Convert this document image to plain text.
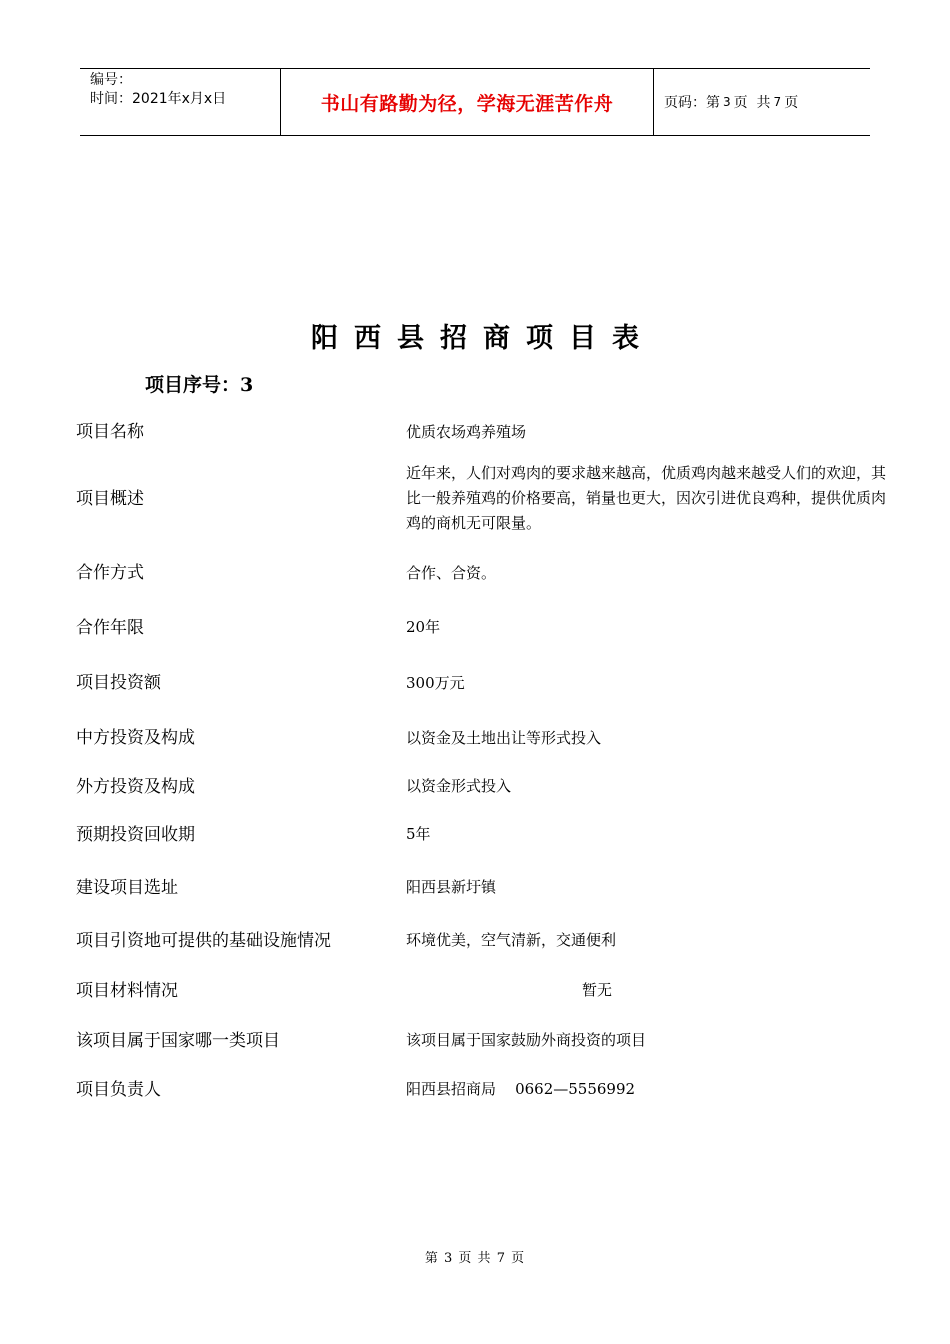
编号：
时间：2021年x月x日	书山有路勤为径，学海无涯苦作舟	页码：第 3 页  共 7 页
阳西县招商项目表
项目序号：3
项目名称	优质农场鸡养殖场
项目概述
近年来，人们对鸡肉的要求越来越高，优质鸡肉越来越受人们的欢迎，其比一般养殖鸡的价格要高，销量也更大，因次引进优良鸡种，提供优质肉鸡的商机无可限量。
合作方式	合作、合资。
合作年限	20年
项目投资额	300万元
中方投资及构成	以资金及土地出让等形式投入
外方投资及构成	以资金形式投入
预期投资回收期	5年
建设项目选址	阳西县新圩镇
项目引资地可提供的基础设施情况	环境优美，空气清新，交通便利
项目材料情况	暂无
该项目属于国家哪一类项目	该项目属于国家鼓励外商投资的项目
项目负责人	阳西县招商局    0662—5556992
第 3 页 共 7 页
